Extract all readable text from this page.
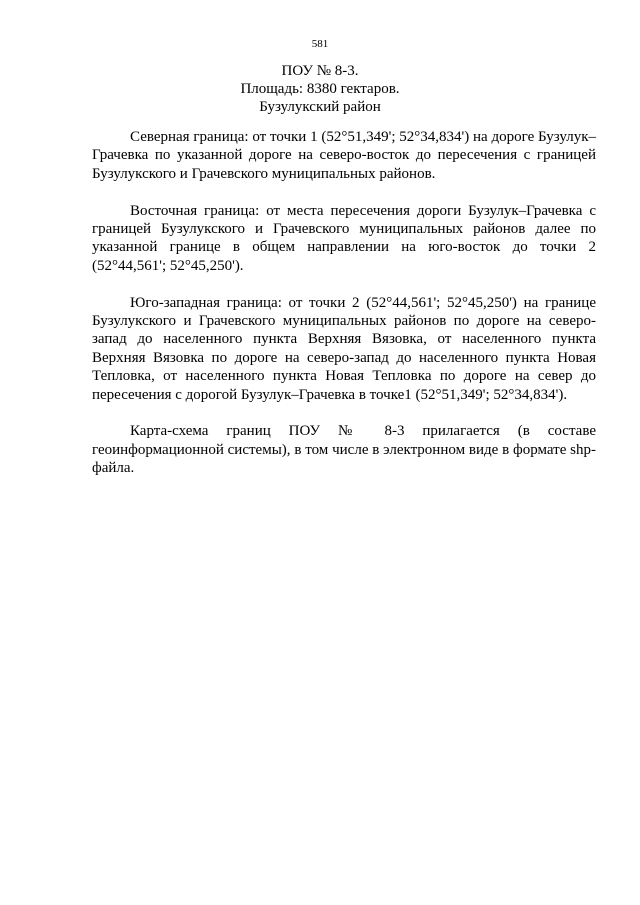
581
ПОУ № 8-3.
Площадь: 8380 гектаров.
Бузулукский район

Северная граница: от точки 1 (52°51,349'; 52°34,834') на дороге Бузулук–Грачевка по указанной дороге на северо-восток до пересечения с границей Бузулукского и Грачевского муниципальных районов.

Восточная граница: от места пересечения дороги Бузулук–Грачевка с границей Бузулукского и Грачевского муниципальных районов далее по указанной границе в общем направлении на юго-восток до точки 2 (52°44,561'; 52°45,250').

Юго-западная граница: от точки 2 (52°44,561'; 52°45,250') на границе Бузулукского и Грачевского муниципальных районов по дороге на северо-запад до населенного пункта Верхняя Вязовка, от населенного пункта Верхняя Вязовка по дороге на северо-запад до населенного пункта Новая Тепловка, от населенного пункта Новая Тепловка по дороге на север до пересечения с дорогой Бузулук–Грачевка в точке1 (52°51,349'; 52°34,834').

Карта-схема границ ПОУ № 8-3 прилагается (в составе геоинформационной системы), в том числе в электронном виде в формате shp-файла.
